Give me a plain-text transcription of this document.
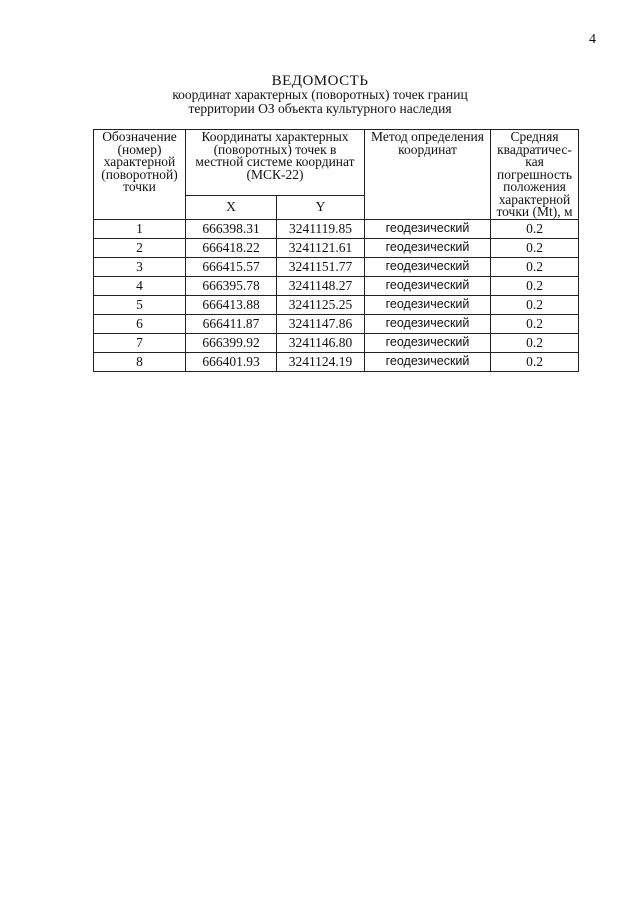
4
ВЕДОМОСТЬ
координат характерных (поворотных) точек границ
территории ОЗ объекта культурного наследия
Обозначение (номер) характерной (поворотной) точки	Координаты характерных (поворотных) точек в местной системе координат (МСК-22)		Метод определения координат	Средняя квадратичес-кая погрешность положения характерной точки (Mt), м
	X	Y		
1	666398.31	3241119.85	геодезический	0.2
2	666418.22	3241121.61	геодезический	0.2
3	666415.57	3241151.77	геодезический	0.2
4	666395.78	3241148.27	геодезический	0.2
5	666413.88	3241125.25	геодезический	0.2
6	666411.87	3241147.86	геодезический	0.2
7	666399.92	3241146.80	геодезический	0.2
8	666401.93	3241124.19	геодезический	0.2
